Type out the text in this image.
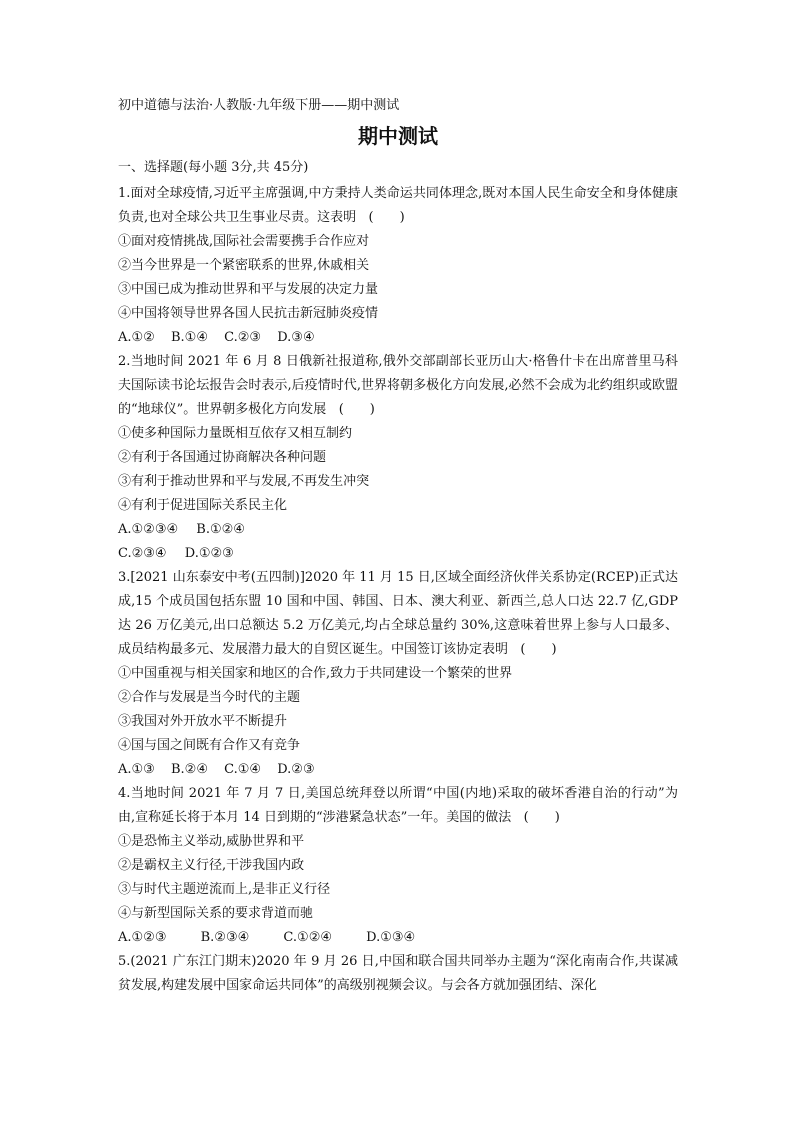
初中道德与法治·人教版·九年级下册——期中测试
期中测试
一、选择题(每小题 3分,共 45分)
1.面对全球疫情,习近平主席强调,中方秉持人类命运共同体理念,既对本国人民生命安全和身体健康负责,也对全球公共卫生事业尽责。这表明 (　　)
①面对疫情挑战,国际社会需要携手合作应对
②当今世界是一个紧密联系的世界,休戚相关
③中国已成为推动世界和平与发展的决定力量
④中国将领导世界各国人民抗击新冠肺炎疫情
A.①② B.①④ C.②③ D.③④
2.当地时间 2021 年 6 月 8 日俄新社报道称,俄外交部副部长亚历山大·格鲁什卡在出席普里马科夫国际读书论坛报告会时表示,后疫情时代,世界将朝多极化方向发展,必然不会成为北约组织或欧盟的“地球仪”。世界朝多极化方向发展 (　　)
①使多种国际力量既相互依存又相互制约
②有利于各国通过协商解决各种问题
③有利于推动世界和平与发展,不再发生冲突
④有利于促进国际关系民主化
A.①②③④ B.①②④
C.②③④ D.①②③
3.[2021 山东泰安中考(五四制)]2020 年 11 月 15 日,区域全面经济伙伴关系协定(RCEP)正式达成,15 个成员国包括东盟 10 国和中国、韩国、日本、澳大利亚、新西兰,总人口达 22.7 亿,GDP 达 26 万亿美元,出口总额达 5.2 万亿美元,均占全球总量约 30%,这意味着世界上参与人口最多、成员结构最多元、发展潜力最大的自贸区诞生。中国签订该协定表明 (　　)
①中国重视与相关国家和地区的合作,致力于共同建设一个繁荣的世界
②合作与发展是当今时代的主题
③我国对外开放水平不断提升
④国与国之间既有合作又有竞争
A.①③ B.②④ C.①④ D.②③
4.当地时间 2021 年 7 月 7 日,美国总统拜登以所谓“中国(内地)采取的破坏香港自治的行动”为由,宣称延长将于本月 14 日到期的“涉港紧急状态”一年。美国的做法 (　　)
①是恐怖主义举动,威胁世界和平
②是霸权主义行径,干涉我国内政
③与时代主题逆流而上,是非正义行径
④与新型国际关系的要求背道而驰
A.①②③	B.②③④	C.①②④	D.①③④
5.(2021 广东江门期末)2020 年 9 月 26 日,中国和联合国共同举办主题为“深化南南合作,共谋减贫发展,构建发展中国家命运共同体”的高级别视频会议。与会各方就加强团结、深化
